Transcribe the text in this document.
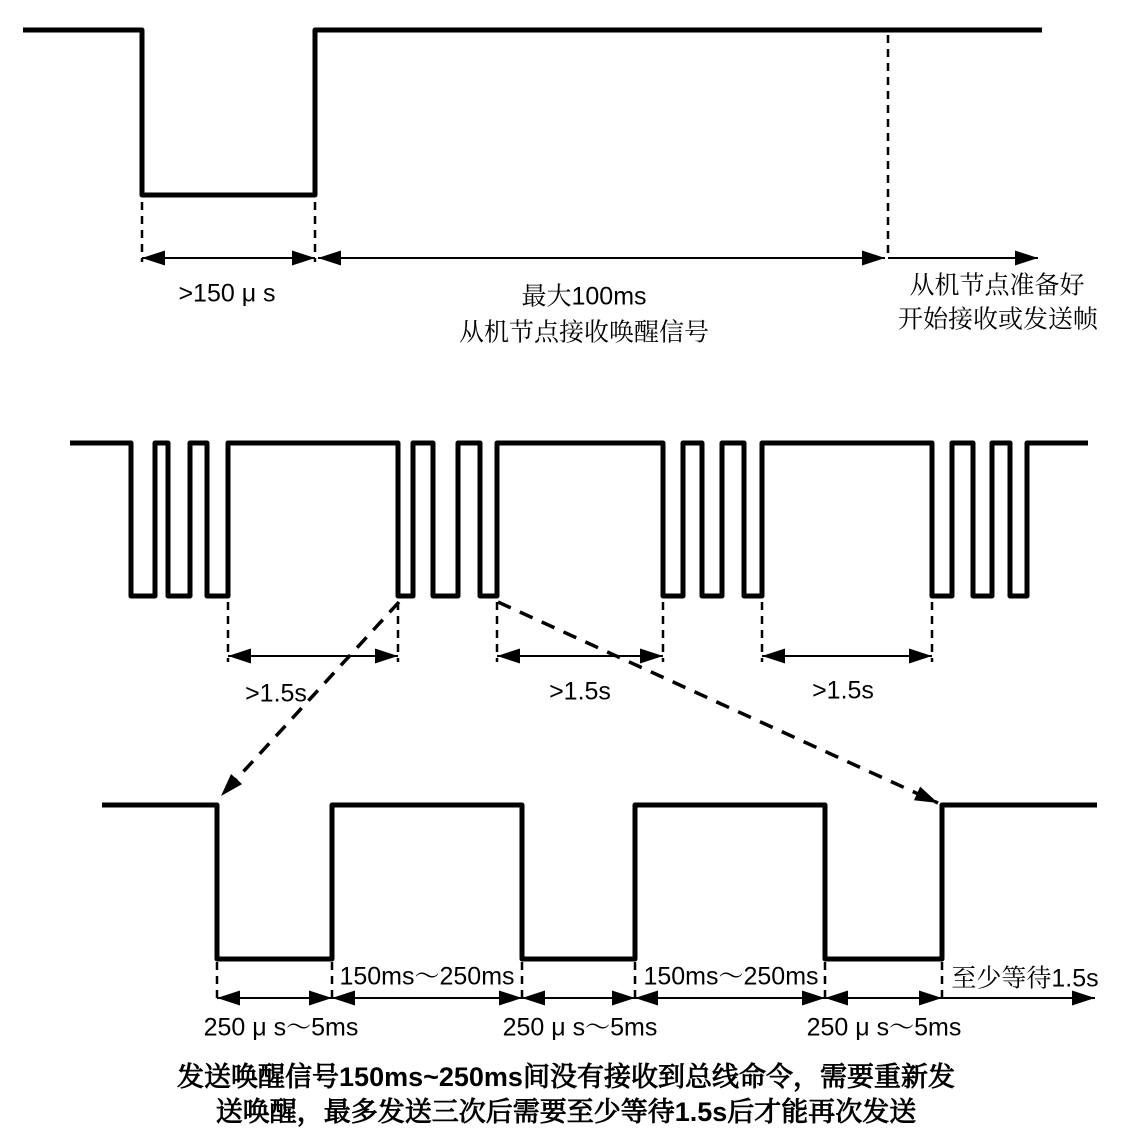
>150 μ s	最大100ms
从机节点接收唤醒信号
从机节点准备好
开始接收或发送帧
>1.5s	>1.5s	>1.5s
150ms～250ms	150ms～250ms	至少等待1.5s
250 μ s～5ms	250 μ s～5ms	250 μ s～5ms
发送唤醒信号150ms~250ms间没有接收到总线命令，需要重新发
送唤醒，最多发送三次后需要至少等待1.5s后才能再次发送
